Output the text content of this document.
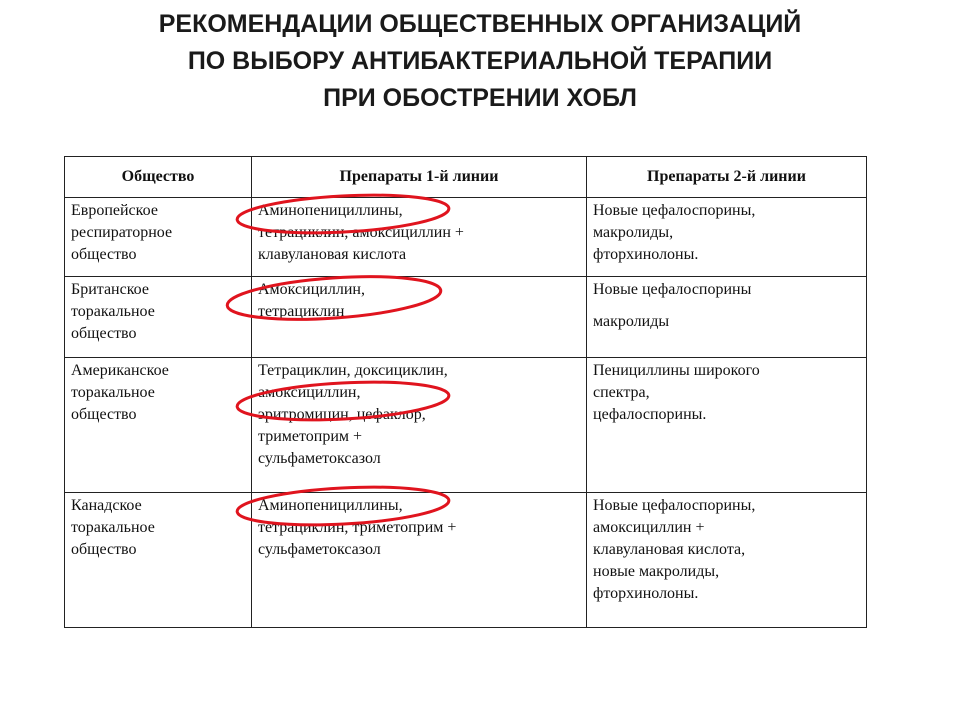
РЕКОМЕНДАЦИИ ОБЩЕСТВЕННЫХ ОРГАНИЗАЦИЙ
ПО ВЫБОРУ АНТИБАКТЕРИАЛЬНОЙ ТЕРАПИИ
ПРИ ОБОСТРЕНИИ ХОБЛ
Общество	Препараты 1-й линии	Препараты 2-й линии

Европейское
респираторное
общество	Аминопенициллины,
тетрациклин, амоксициллин +
клавулановая кислота	Новые цефалоспорины,
макролиды,
фторхинолоны.

Британское
торакальное
общество	Амоксициллин,
тетрациклин	Новые цефалоспорины
макролиды

Американское
торакальное
общество	Тетрациклин, доксициклин,
амоксициллин,
эритромицин, цефаклор,
триметоприм +
сульфаметоксазол	Пенициллины широкого
спектра,
цефалоспорины.

Канадское
торакальное
общество	Аминопенициллины,
тетрациклин, триметоприм +
сульфаметоксазол	Новые цефалоспорины,
амоксициллин +
клавулановая кислота,
новые макролиды,
фторхинолоны.
